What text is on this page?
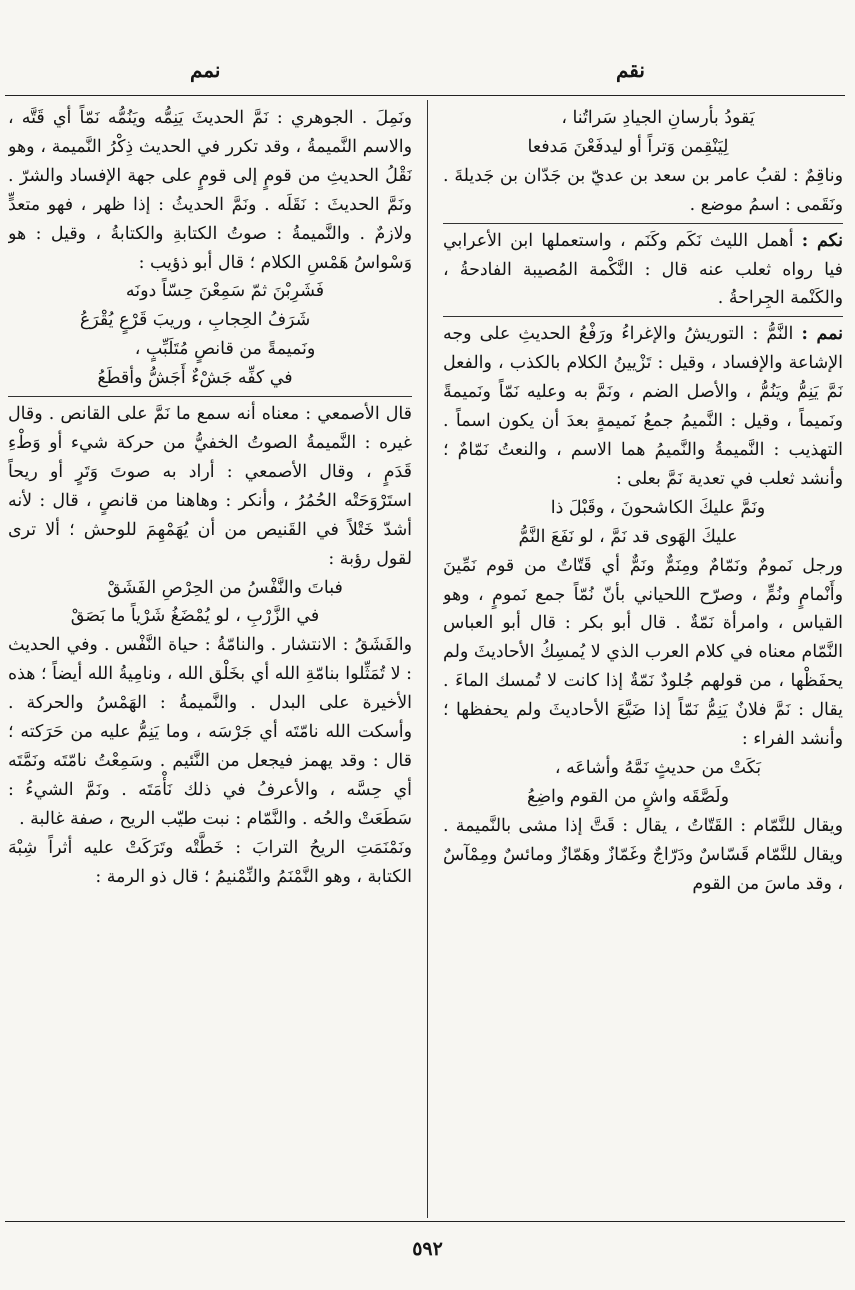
نقم
نمم

يَقودُ بأرسانِ الجيادِ سَراتُنا ،

لِيَنْقِمن وَتراً أو ليدفَعْنَ مَدفعا

وناقِمٌ : لقبُ عامر بن سعد بن عديّ بن جَدّان بن جَديلةَ . ونَقَمى : اسمُ موضع .

نكم : أهمل الليث نَكَم وكَنَم ، واستعملها ابن الأعرابي فيا رواه ثعلب عنه قال : النَّكْمة المُصيبة الفادحةُ ، والكَنْمة الجِراحةُ .

نمم : النَّمُّ : التوريشُ والإغراءُ ورَفْعُ الحديثِ على وجه الإشاعة والإفساد ، وقيل : تَزْيينُ الكلام بالكذب ، والفعل نَمَّ يَنِمُّ ويَنُمُّ ، والأصل الضم ، ونَمَّ به وعليه نَمّاً ونَميمةً ونَميماً ، وقيل : النَّميمُ جمعُ نَميمةٍ بعدَ أن يكون اسماً . التهذيب : النَّميمةُ والنَّميمُ هما الاسم ، والنعتُ نَمّامٌ ؛ وأنشد ثعلب في تعدية نَمَّ بعلى :

ونَمَّ عليكَ الكاشحونَ ، وقَبْلَ ذا

عليكَ الهَوى قد نَمَّ ، لو نَفَعَ النَّمُّ

ورجل نَمومٌ ونَمّامٌ ومِنَمٌّ ونَمٌّ أي قَتّاتٌ من قوم نَمِّينَ وأَنْمامٍ ونُمٍّ ، وصرّح اللحياني بأنّ نُمّاً جمع نَمومٍ ، وهو القياس ، وامرأة نَمّةٌ . قال أبو بكر : قال أبو العباس النَّمّام معناه في كلام العرب الذي لا يُمسِكُ الأحاديثَ ولم يحفَظْها ، من قولهم جُلودٌ نَمّةٌ إذا كانت لا تُمسك الماءَ . يقال : نَمَّ فلانٌ يَنِمُّ نَمّاً إذا ضَيَّعَ الأحاديثَ ولم يحفظها ؛ وأنشد الفراء :

بَكَتْ من حديثٍ نَمَّهُ وأشاعَه ،

ولَصَّقَه واشٍ من القوم واضِعُ

ويقال للنَّمّام : القَتّاتُ ، يقال : قَتَّ إذا مشى بالنَّميمة . ويقال للنَّمّام قَسّاسٌ ودَرّاجٌ وغَمّازٌ وهَمّازٌ ومائسٌ ومِمْآسٌ ، وقد ماسَ من القوم

ونَمِلَ . الجوهري : نَمَّ الحديثَ يَنِمُّه ويَنُمُّه نَمّاً أي قَتَّه ، والاسم النَّميمةُ ، وقد تكرر في الحديث ذِكْرُ النَّميمة ، وهو نَقْلُ الحديثِ من قومٍ إلى قومٍ على جهة الإفساد والشرّ . ونَمَّ الحديثَ : نَقَلَه . ونَمَّ الحديثُ : إذا ظهر ، فهو متعدٍّ ولازمٌ . والنَّميمةُ : صوتُ الكتابةِ والكتابةُ ، وقيل : هو وَسْواسُ هَمْسِ الكلام ؛ قال أبو ذؤيب :

فَشَرِبْنَ ثمّ سَمِعْنَ حِسّاً دونَه

شَرَفُ الحِجابِ ، وريبَ قَرْعٍ يُقْرَعُ

ونَميمةً من قانصٍ مُتَلَبِّبٍ ،

في كفِّه جَشْءٌ أَجَشُّ وأقطَعُ

قال الأصمعي : معناه أنه سمع ما نَمَّ على القانص . وقال غيره : النَّميمةُ الصوتُ الخفيُّ من حركة شيء أو وَطْءِ قَدَمٍ ، وقال الأصمعي : أراد به صوتَ وَتَرٍ أو ريحاً استَرْوَحَتْه الحُمُرُ ، وأنكر : وهاهنا من قانصٍ ، قال : لأنه أشدّ خَتْلاً في القَنيص من أن يُهَمْهِمَ للوحش ؛ ألا ترى لقول رؤبة :

فباتَ والنَّفْسُ من الحِرْصِ الفَشَقْ

في الزَّرْبِ ، لو يُمْضَغُ شَرْياً ما بَصَقْ

والفَشَقُ : الانتشار . والنامّةُ : حياة النَّفْس . وفي الحديث : لا تُمَثِّلوا بنامّةِ الله أي بخَلْق الله ، ونامِيةُ الله أيضاً ؛ هذه الأخيرة على البدل . والنَّميمةُ : الهَمْسُ والحركة . وأسكت الله نامّتَه أي جَرْسَه ، وما يَنِمُّ عليه من حَرَكته ؛ قال : وقد يهمز فيجعل من النَّئيم . وسَمِعْتُ نامّتَه ونَمَّتَه أي حِسَّه ، والأعرفُ في ذلك نَأْمَتَه . ونَمَّ الشيءُ : سَطَعَتْ والحُه . والنَّمّام : نبت طيّب الريح ، صفة غالبة .

ونَمْنَمَتِ الريحُ الترابَ : خَطَّتْه وتَرَكَتْ عليه أثراً شِبْهَ الكتابة ، وهو النَّمْنَمُ والنِّمْنيمُ ؛ قال ذو الرمة :

٥٩٢
